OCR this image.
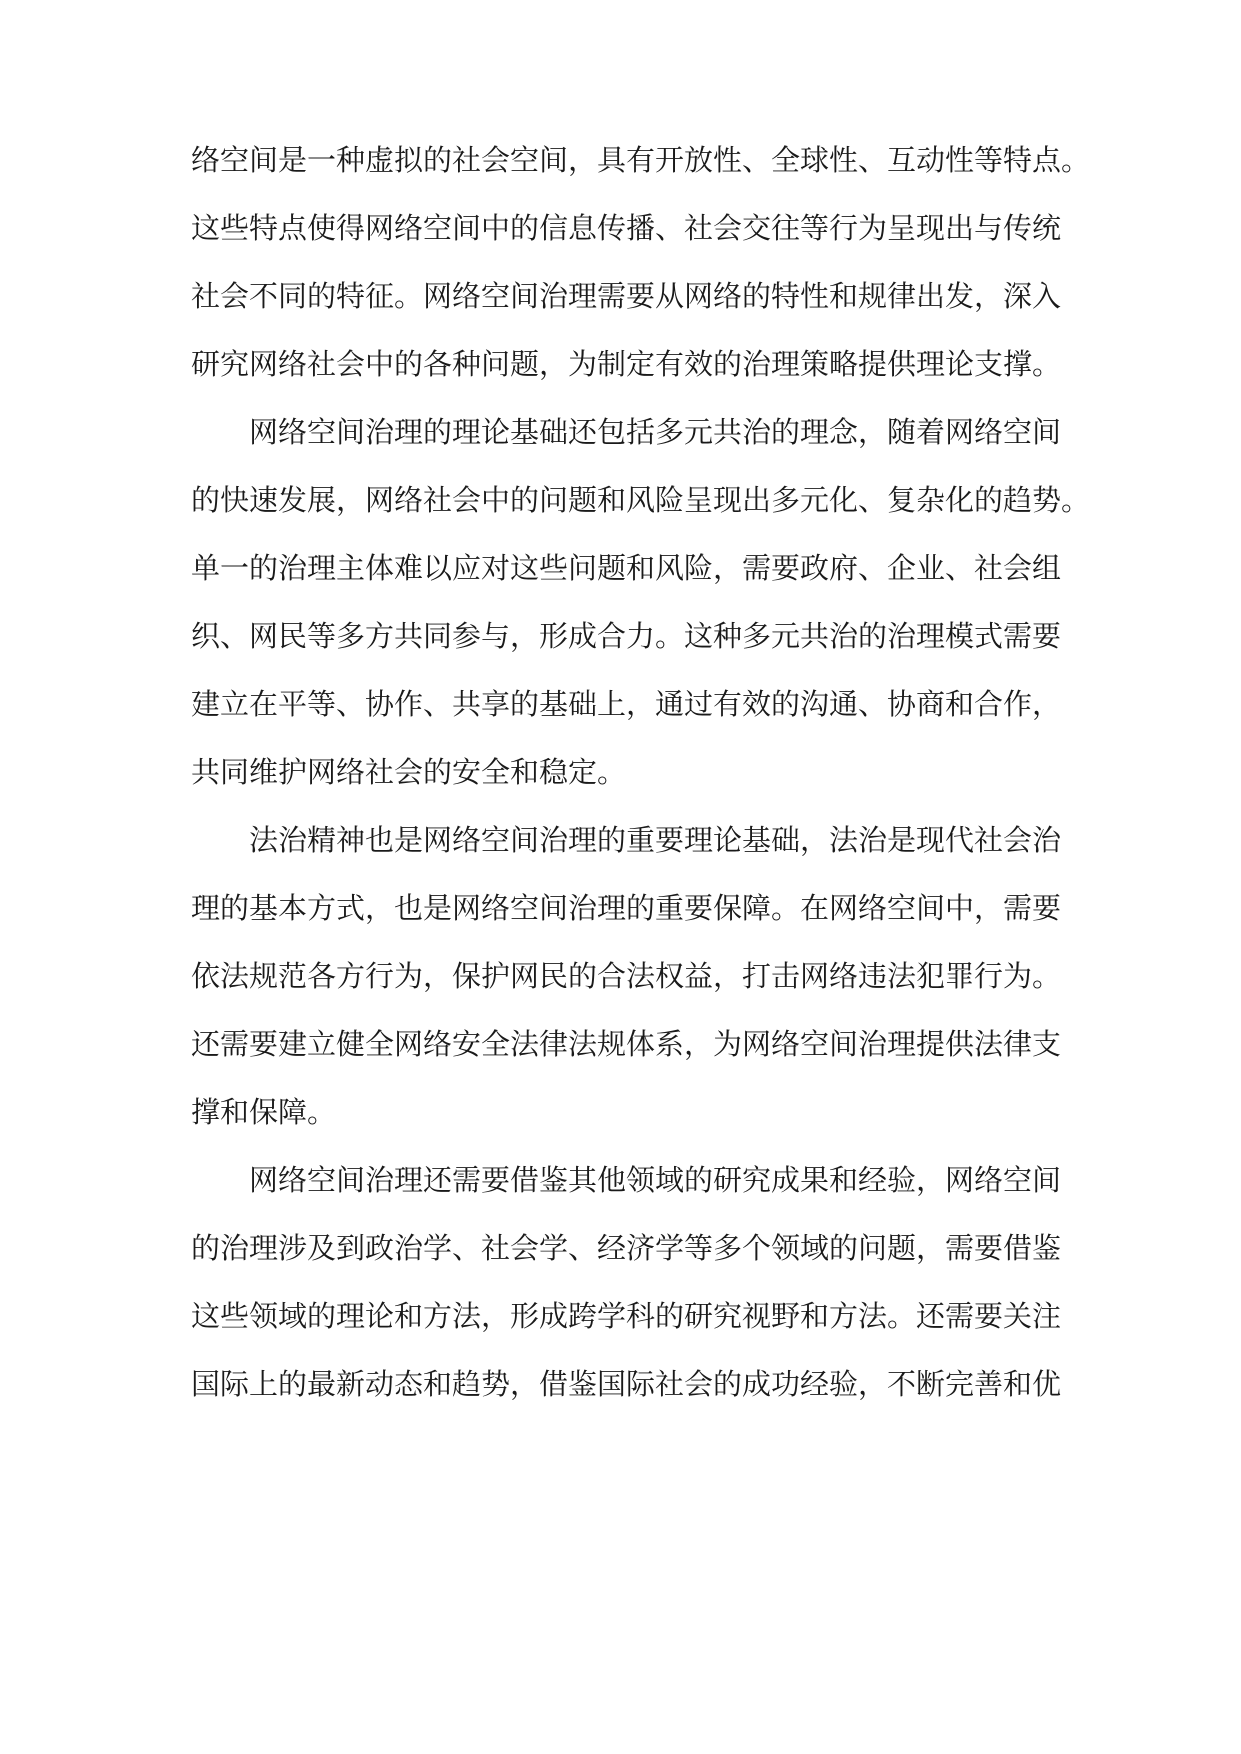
络空间是一种虚拟的社会空间，具有开放性、全球性、互动性等特点。
这些特点使得网络空间中的信息传播、社会交往等行为呈现出与传统
社会不同的特征。网络空间治理需要从网络的特性和规律出发，深入
研究网络社会中的各种问题，为制定有效的治理策略提供理论支撑。
网络空间治理的理论基础还包括多元共治的理念，随着网络空间
的快速发展，网络社会中的问题和风险呈现出多元化、复杂化的趋势。
单一的治理主体难以应对这些问题和风险，需要政府、企业、社会组
织、网民等多方共同参与，形成合力。这种多元共治的治理模式需要
建立在平等、协作、共享的基础上，通过有效的沟通、协商和合作，
共同维护网络社会的安全和稳定。
法治精神也是网络空间治理的重要理论基础，法治是现代社会治
理的基本方式，也是网络空间治理的重要保障。在网络空间中，需要
依法规范各方行为，保护网民的合法权益，打击网络违法犯罪行为。
还需要建立健全网络安全法律法规体系，为网络空间治理提供法律支
撑和保障。
网络空间治理还需要借鉴其他领域的研究成果和经验，网络空间
的治理涉及到政治学、社会学、经济学等多个领域的问题，需要借鉴
这些领域的理论和方法，形成跨学科的研究视野和方法。还需要关注
国际上的最新动态和趋势，借鉴国际社会的成功经验，不断完善和优
